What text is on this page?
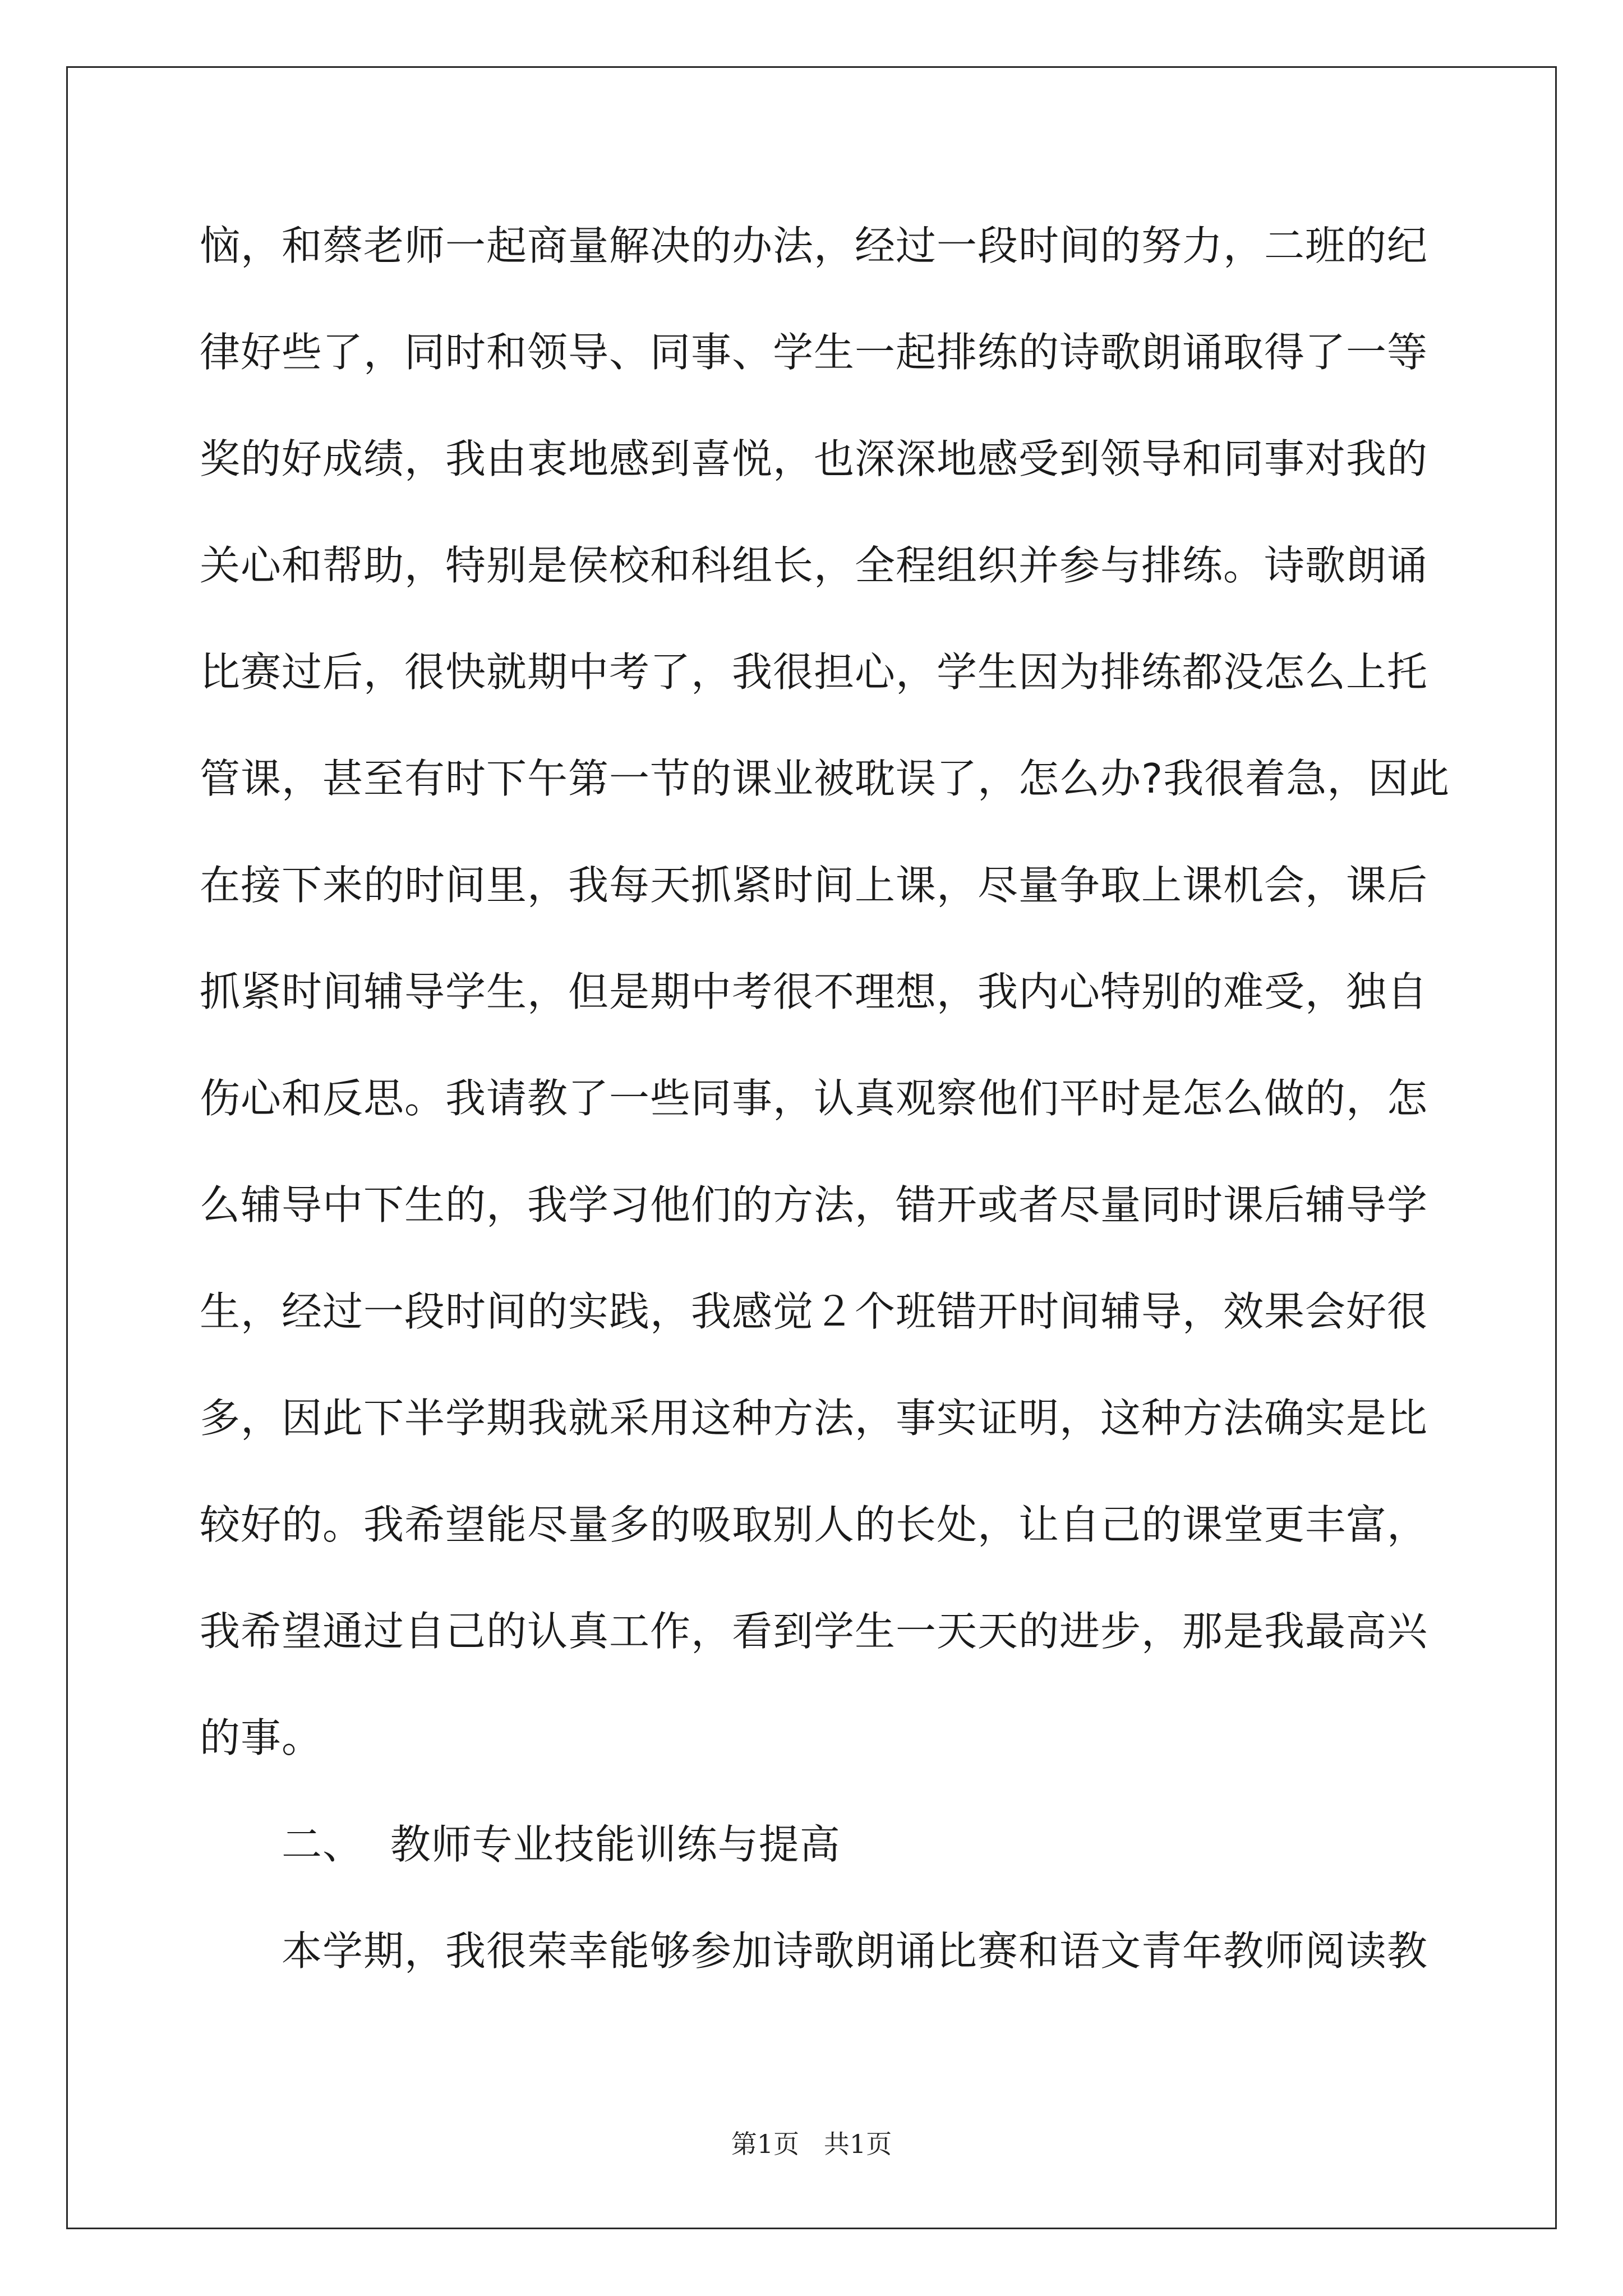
恼，和蔡老师一起商量解决的办法，经过一段时间的努力，二班的纪
律好些了，同时和领导、同事、学生一起排练的诗歌朗诵取得了一等
奖的好成绩，我由衷地感到喜悦，也深深地感受到领导和同事对我的
关心和帮助，特别是侯校和科组长，全程组织并参与排练。诗歌朗诵
比赛过后，很快就期中考了，我很担心，学生因为排练都没怎么上托
管课，甚至有时下午第一节的课业被耽误了，怎么办?我很着急，因此
在接下来的时间里，我每天抓紧时间上课，尽量争取上课机会，课后
抓紧时间辅导学生，但是期中考很不理想，我内心特别的难受，独自
伤心和反思。我请教了一些同事，认真观察他们平时是怎么做的，怎
么辅导中下生的，我学习他们的方法，错开或者尽量同时课后辅导学
生，经过一段时间的实践，我感觉２个班错开时间辅导，效果会好很
多，因此下半学期我就采用这种方法，事实证明，这种方法确实是比
较好的。我希望能尽量多的吸取别人的长处，让自己的课堂更丰富，
我希望通过自己的认真工作，看到学生一天天的进步，那是我最高兴
的事。
二、  教师专业技能训练与提高
本学期，我很荣幸能够参加诗歌朗诵比赛和语文青年教师阅读教
第1页   共1页
